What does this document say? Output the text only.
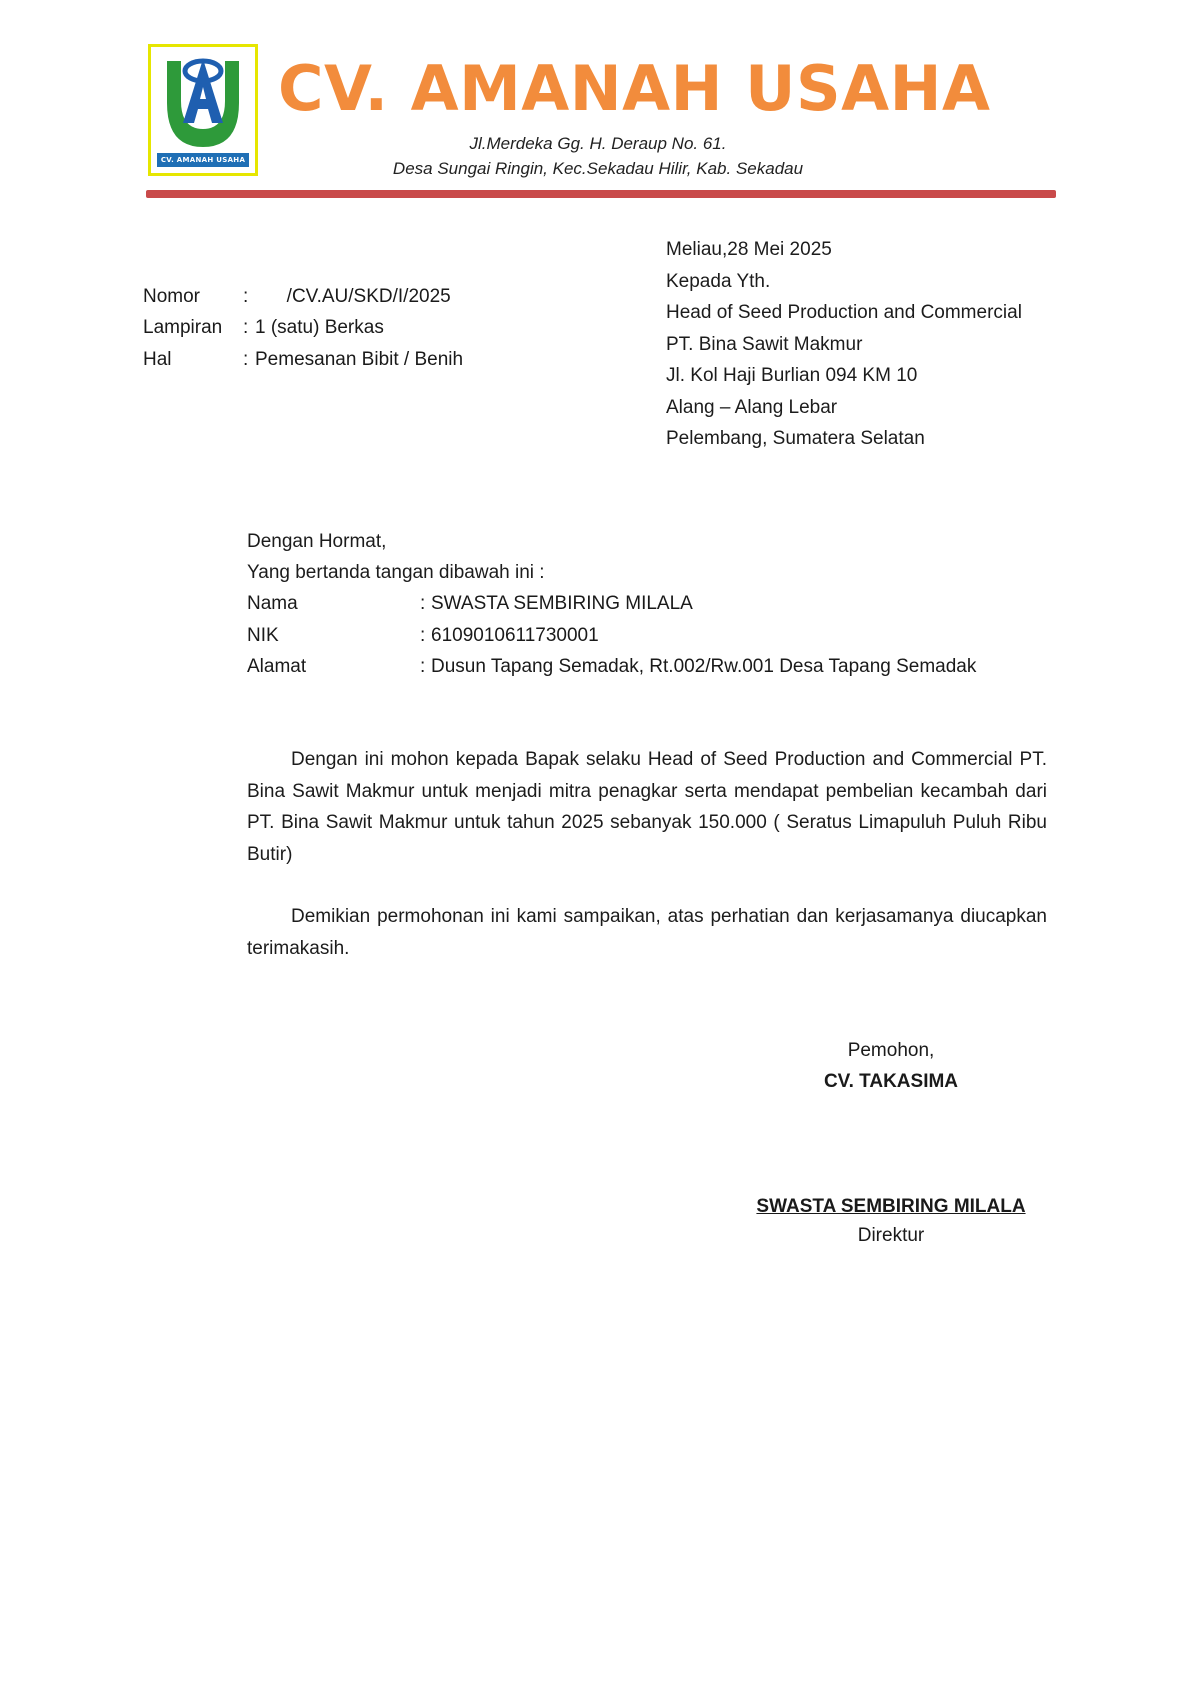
CV. AMANAH USAHA
CV. AMANAH USAHA
Jl.Merdeka Gg. H. Deraup No. 61.
Desa Sungai Ringin, Kec.Sekadau Hilir, Kab. Sekadau
Nomor : /CV.AU/SKD/I/2025
Lampiran : 1 (satu) Berkas
Hal	: Pemesanan Bibit / Benih
Meliau,28 Mei 2025
Kepada Yth.
Head of Seed Production and Commercial
PT. Bina Sawit Makmur
Jl. Kol Haji Burlian 094 KM 10
Alang – Alang Lebar
Pelembang, Sumatera Selatan
Dengan Hormat,
Yang bertanda tangan dibawah ini :
Nama	: SWASTA SEMBIRING MILALA
NIK	: 6109010611730001
Alamat	: Dusun Tapang Semadak, Rt.002/Rw.001 Desa Tapang Semadak
Dengan ini mohon kepada Bapak selaku Head of Seed Production and Commercial PT. Bina Sawit Makmur untuk menjadi mitra penagkar serta mendapat pembelian kecambah dari PT. Bina Sawit Makmur untuk tahun 2025 sebanyak 150.000 ( Seratus Limapuluh Puluh Ribu Butir)
Demikian permohonan ini kami sampaikan, atas perhatian dan kerjasamanya diucapkan terimakasih.
Pemohon,
CV. TAKASIMA
SWASTA SEMBIRING MILALA
Direktur
